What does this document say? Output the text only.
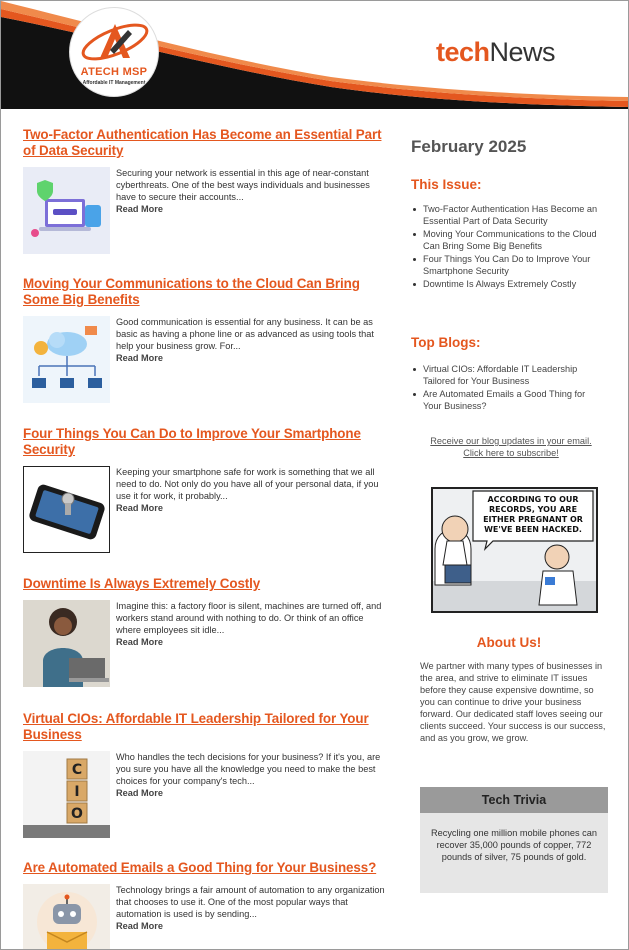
ATECH MSP
Affordable IT Management
techNews
Two-Factor Authentication Has Become an Essential Part of Data Security
Securing your network is essential in this age of near-constant cyberthreats. One of the best ways individuals and businesses have to secure their accounts...
Read More
Moving Your Communications to the Cloud Can Bring Some Big Benefits
Good communication is essential for any business. It can be as basic as having a phone line or as advanced as using tools that help your business grow. For...
Read More
Four Things You Can Do to Improve Your Smartphone Security
Keeping your smartphone safe for work is something that we all need to do. Not only do you have all of your personal data, if you use it for work, it probably...
Read More
Downtime Is Always Extremely Costly
Imagine this: a factory floor is silent, machines are turned off, and workers stand around with nothing to do. Or think of an office where employees sit idle...
Read More
Virtual CIOs: Affordable IT Leadership Tailored for Your Business
C
I
O
Who handles the tech decisions for your business? If it's you, are you sure you have all the knowledge you need to make the best choices for your company's tech...
Read More
Are Automated Emails a Good Thing for Your Business?
Technology brings a fair amount of automation to any organization that chooses to use it. One of the most popular ways that automation is used is by sending...
Read More
February 2025
This Issue:
Two-Factor Authentication Has Become an Essential Part of Data Security
Moving Your Communications to the Cloud Can Bring Some Big Benefits
Four Things You Can Do to Improve Your Smartphone Security
Downtime Is Always Extremely Costly
Top Blogs:
Virtual CIOs: Affordable IT Leadership Tailored for Your Business
Are Automated Emails a Good Thing for Your Business?
Receive our blog updates in your email. Click here to subscribe!
ACCORDING TO OUR RECORDS, YOU ARE EITHER PREGNANT OR WE'VE BEEN HACKED.
About Us!
We partner with many types of businesses in the area, and strive to eliminate IT issues before they cause expensive downtime, so you can continue to drive your business forward. Our dedicated staff loves seeing our clients succeed. Your success is our success, and as you grow, we grow.
Tech Trivia
Recycling one million mobile phones can recover 35,000 pounds of copper, 772 pounds of silver, 75 pounds of gold.
